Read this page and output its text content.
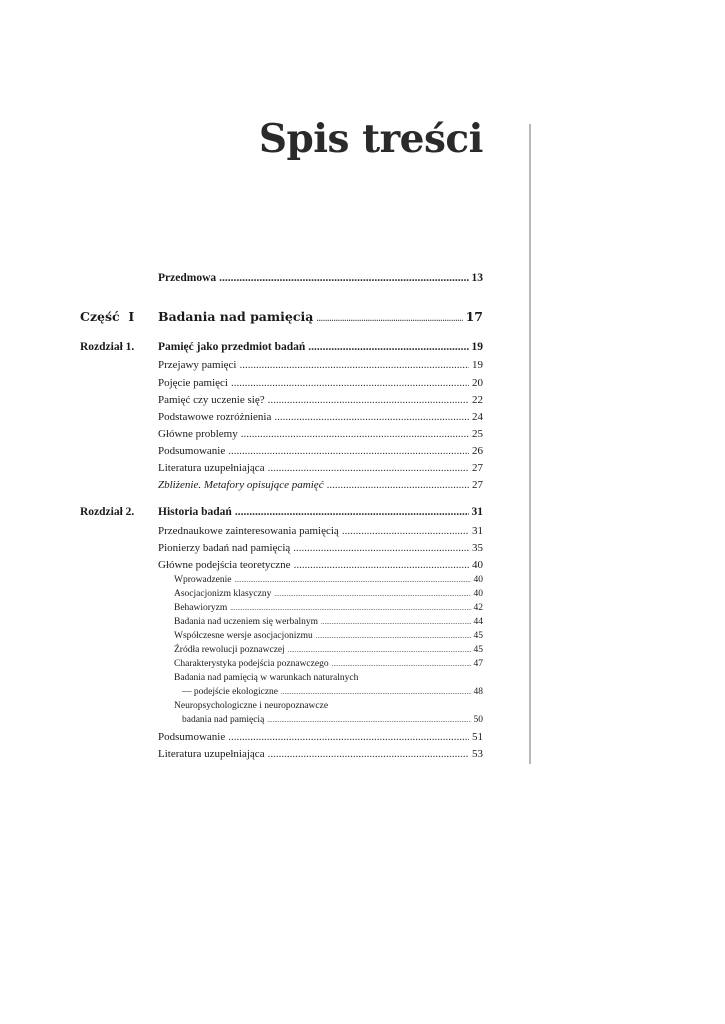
Spis treści
Przedmowa .....	13
Część I Badania nad pamięcią .....	17
Rozdział 1. Pamięć jako przedmiot badań .....	19
Przejawy pamięci .....	19
Pojęcie pamięci .....	20
Pamięć czy uczenie się? .....	22
Podstawowe rozróżnienia .....	24
Główne problemy .....	25
Podsumowanie .....	26
Literatura uzupełniająca .....	27
Zbliżenie. Metafory opisujące pamięć .....	27
Rozdział 2. Historia badań .....	31
Przednaukowe zainteresowania pamięcią .....	31
Pionierzy badań nad pamięcią .....	35
Główne podejścia teoretyczne .....	40
Wprowadzenie .....	40
Asocjacjonizm klasyczny .....	40
Behawioryzm .....	42
Badania nad uczeniem się werbalnym .....	44
Współczesne wersje asocjacjonizmu .....	45
Źródła rewolucji poznawczej .....	45
Charakterystyka podejścia poznawczego .....	47
Badania nad pamięcią w warunkach naturalnych
— podejście ekologiczne .....	48
Neuropsychologiczne i neuropoznawcze
badania nad pamięcią .....	50
Podsumowanie .....	51
Literatura uzupełniająca .....	53
